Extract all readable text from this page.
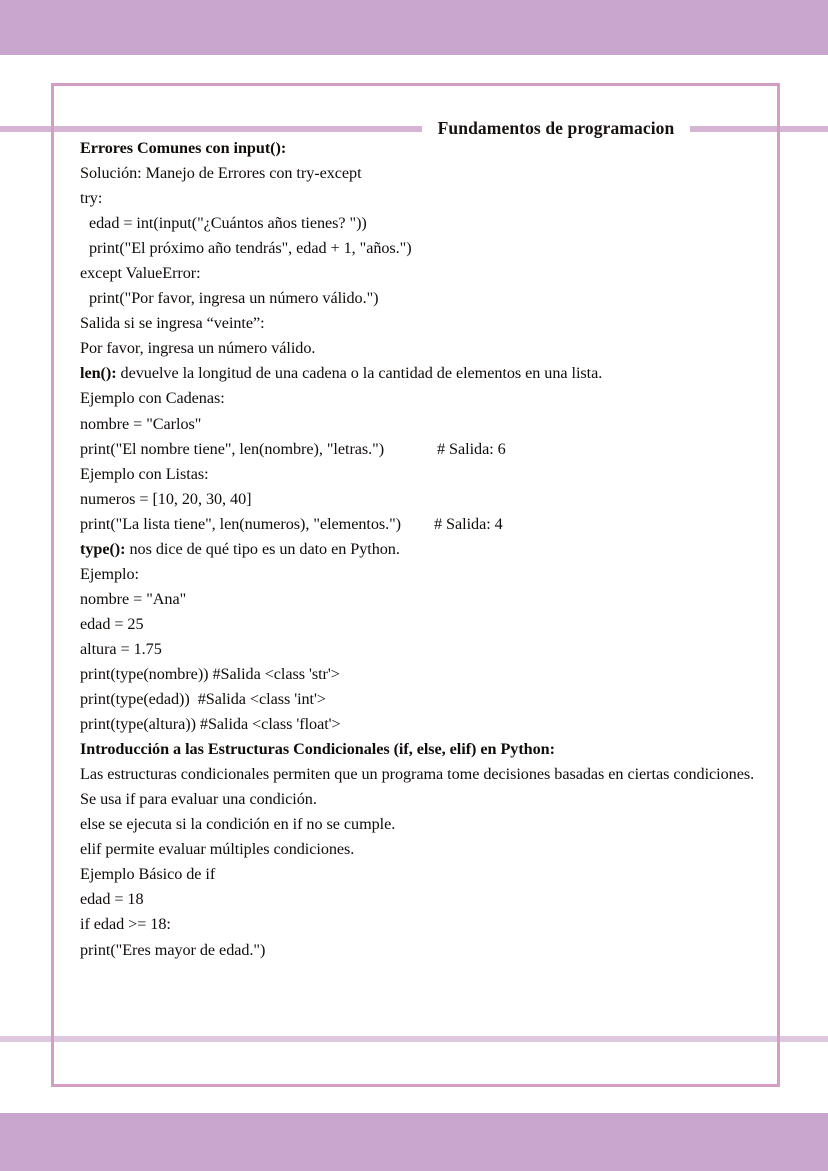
Fundamentos de programacion
Errores Comunes con input():
Solución: Manejo de Errores con try-except
try:
edad = int(input("¿Cuántos años tienes? "))
print("El próximo año tendrás", edad + 1, "años.")
except ValueError:
print("Por favor, ingresa un número válido.")
Salida si se ingresa “veinte”:
Por favor, ingresa un número válido.
len(): devuelve la longitud de una cadena o la cantidad de elementos en una lista.
Ejemplo con Cadenas:
nombre = "Carlos"
print("El nombre tiene", len(nombre), "letras.")	# Salida: 6
Ejemplo con Listas:
numeros = [10, 20, 30, 40]
print("La lista tiene", len(numeros), "elementos.")	# Salida: 4
type(): nos dice de qué tipo es un dato en Python.
Ejemplo:
nombre = "Ana"
edad = 25
altura = 1.75
print(type(nombre)) #Salida <class 'str'>
print(type(edad))  #Salida <class 'int'>
print(type(altura)) #Salida <class 'float'>
Introducción a las Estructuras Condicionales (if, else, elif) en Python:
Las estructuras condicionales permiten que un programa tome decisiones basadas en ciertas condiciones.
Se usa if para evaluar una condición.
else se ejecuta si la condición en if no se cumple.
elif permite evaluar múltiples condiciones.
Ejemplo Básico de if
edad = 18
if edad >= 18:
print("Eres mayor de edad.")
